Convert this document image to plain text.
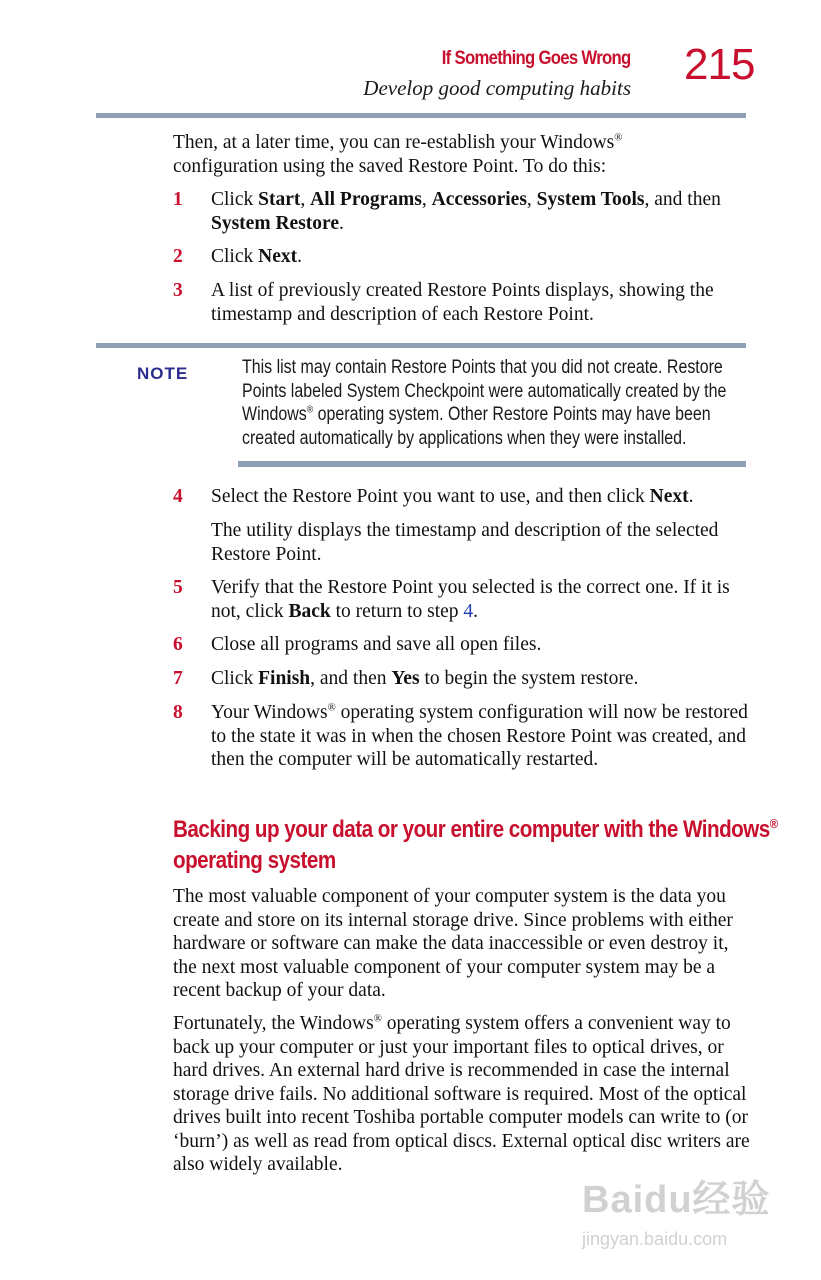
If Something Goes Wrong
Develop good computing habits 215
Then, at a later time, you can re-establish your Windows®
configuration using the saved Restore Point. To do this:
1 Click Start, All Programs, Accessories, System Tools, and then System Restore.
2 Click Next.
3 A list of previously created Restore Points displays, showing the timestamp and description of each Restore Point.
NOTE	This list may contain Restore Points that you did not create. Restore Points labeled System Checkpoint were automatically created by the Windows® operating system. Other Restore Points may have been created automatically by applications when they were installed.
4 Select the Restore Point you want to use, and then click Next.
The utility displays the timestamp and description of the selected Restore Point.
5 Verify that the Restore Point you selected is the correct one. If it is not, click Back to return to step 4.
6 Close all programs and save all open files.
7 Click Finish, and then Yes to begin the system restore.
8 Your Windows® operating system configuration will now be restored to the state it was in when the chosen Restore Point was created, and then the computer will be automatically restarted.
Backing up your data or your entire computer with the Windows® operating system
The most valuable component of your computer system is the data you create and store on its internal storage drive. Since problems with either hardware or software can make the data inaccessible or even destroy it, the next most valuable component of your computer system may be a recent backup of your data.
Fortunately, the Windows® operating system offers a convenient way to back up your computer or just your important files to optical drives, or hard drives. An external hard drive is recommended in case the internal storage drive fails. No additional software is required. Most of the optical drives built into recent Toshiba portable computer models can write to (or ‘burn’) as well as read from optical discs. External optical disc writers are also widely available.
Baidu经验
jingyan.baidu.com
